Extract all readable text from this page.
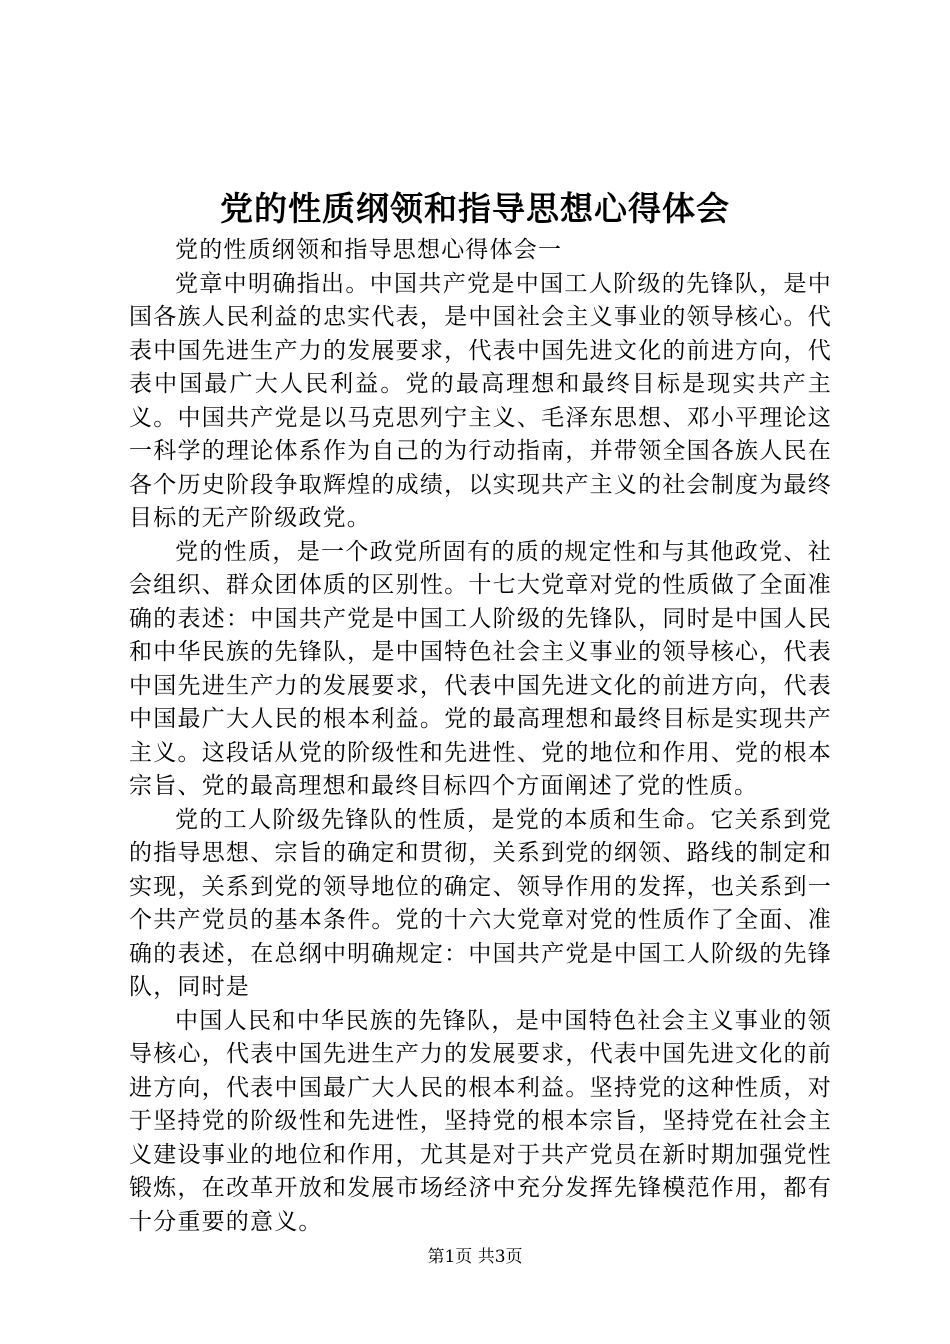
党的性质纲领和指导思想心得体会

党的性质纲领和指导思想心得体会一

党章中明确指出。中国共产党是中国工人阶级的先锋队，是中国各族人民利益的忠实代表，是中国社会主义事业的领导核心。代表中国先进生产力的发展要求，代表中国先进文化的前进方向，代表中国最广大人民利益。党的最高理想和最终目标是现实共产主义。中国共产党是以马克思列宁主义、毛泽东思想、邓小平理论这一科学的理论体系作为自己的为行动指南，并带领全国各族人民在各个历史阶段争取辉煌的成绩，以实现共产主义的社会制度为最终目标的无产阶级政党。

党的性质，是一个政党所固有的质的规定性和与其他政党、社会组织、群众团体质的区别性。十七大党章对党的性质做了全面准确的表述：中国共产党是中国工人阶级的先锋队，同时是中国人民和中华民族的先锋队，是中国特色社会主义事业的领导核心，代表中国先进生产力的发展要求，代表中国先进文化的前进方向，代表中国最广大人民的根本利益。党的最高理想和最终目标是实现共产主义。这段话从党的阶级性和先进性、党的地位和作用、党的根本宗旨、党的最高理想和最终目标四个方面阐述了党的性质。

党的工人阶级先锋队的性质，是党的本质和生命。它关系到党的指导思想、宗旨的确定和贯彻，关系到党的纲领、路线的制定和实现，关系到党的领导地位的确定、领导作用的发挥，也关系到一个共产党员的基本条件。党的十六大党章对党的性质作了全面、准确的表述，在总纲中明确规定：中国共产党是中国工人阶级的先锋队，同时是

中国人民和中华民族的先锋队，是中国特色社会主义事业的领导核心，代表中国先进生产力的发展要求，代表中国先进文化的前进方向，代表中国最广大人民的根本利益。坚持党的这种性质，对于坚持党的阶级性和先进性，坚持党的根本宗旨，坚持党在社会主义建设事业的地位和作用，尤其是对于共产党员在新时期加强党性锻炼，在改革开放和发展市场经济中充分发挥先锋模范作用，都有十分重要的意义。

第1页 共3页
